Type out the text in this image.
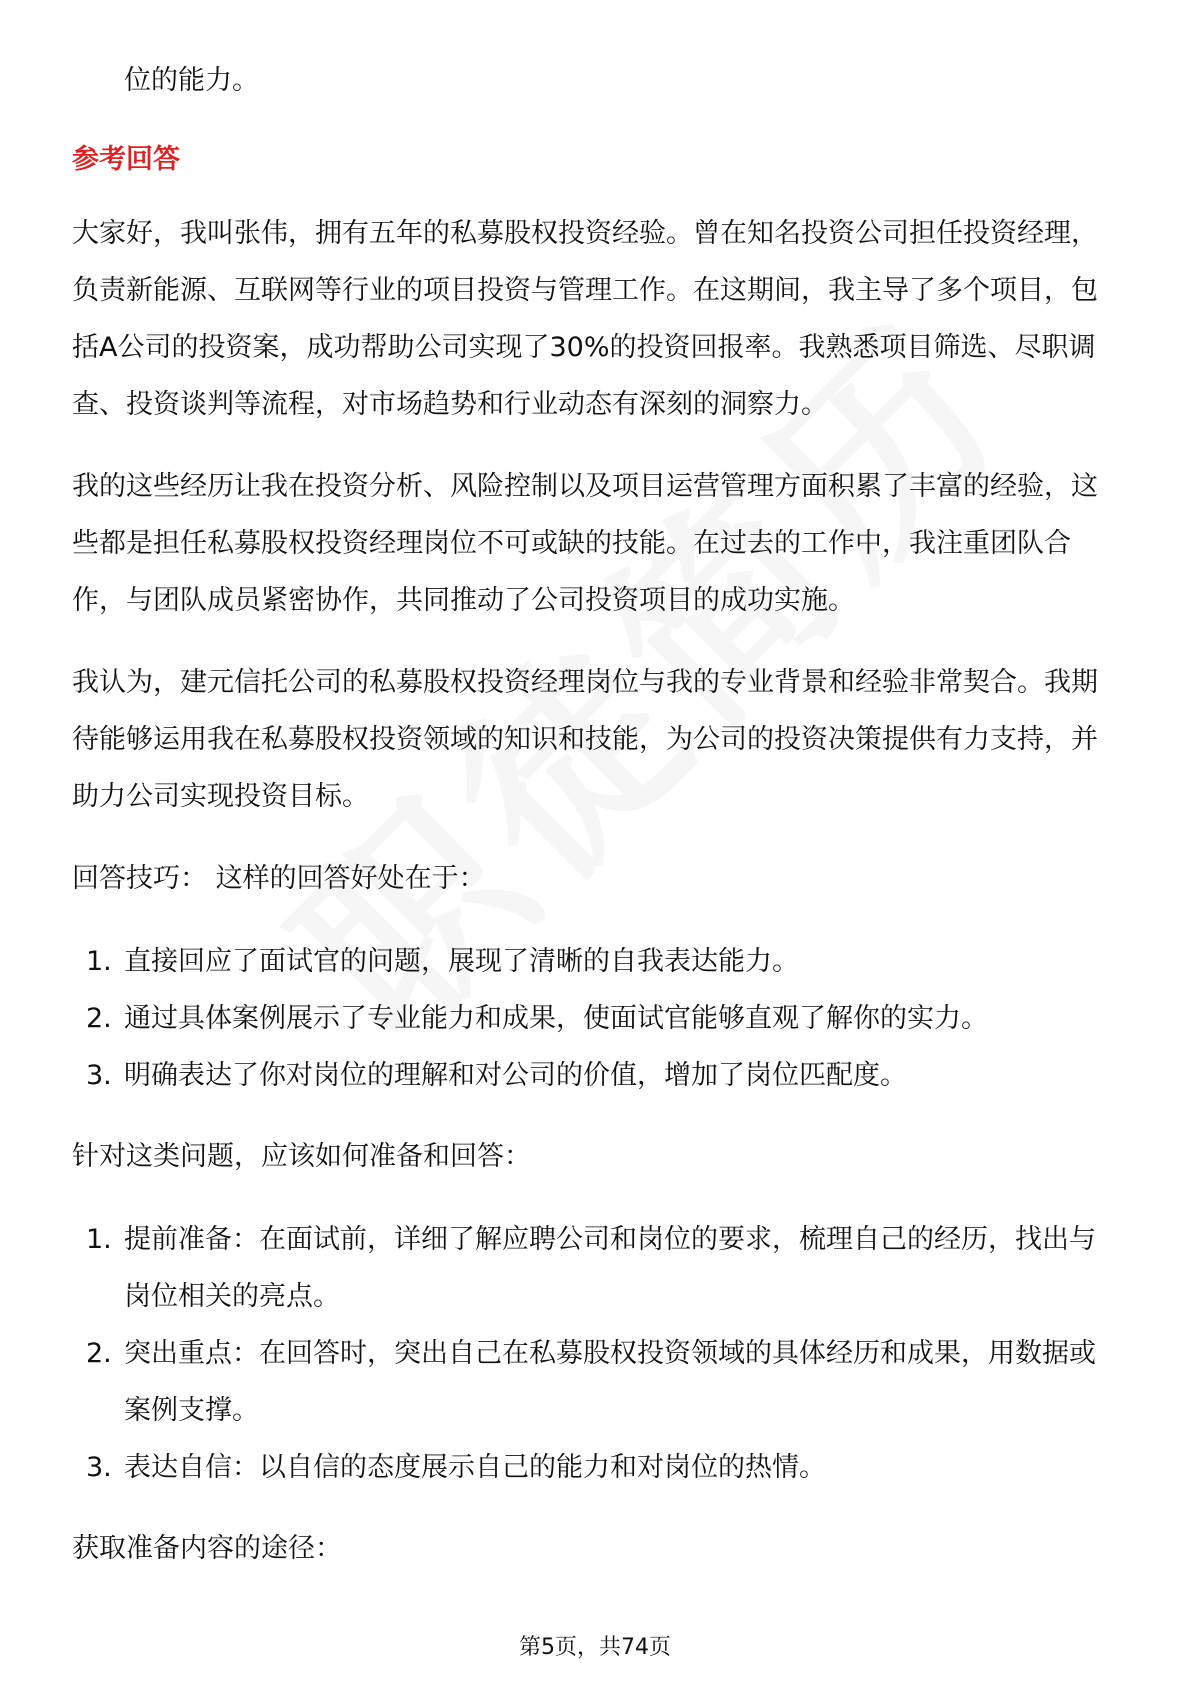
位的能力。

参考回答

大家好，我叫张伟，拥有五年的私募股权投资经验。曾在知名投资公司担任投资经理，负责新能源、互联网等行业的项目投资与管理工作。在这期间，我主导了多个项目，包括A公司的投资案，成功帮助公司实现了30%的投资回报率。我熟悉项目筛选、尽职调查、投资谈判等流程，对市场趋势和行业动态有深刻的洞察力。

我的这些经历让我在投资分析、风险控制以及项目运营管理方面积累了丰富的经验，这些都是担任私募股权投资经理岗位不可或缺的技能。在过去的工作中，我注重团队合作，与团队成员紧密协作，共同推动了公司投资项目的成功实施。

我认为，建元信托公司的私募股权投资经理岗位与我的专业背景和经验非常契合。我期待能够运用我在私募股权投资领域的知识和技能，为公司的投资决策提供有力支持，并助力公司实现投资目标。

回答技巧： 这样的回答好处在于：

1. 直接回应了面试官的问题，展现了清晰的自我表达能力。
2. 通过具体案例展示了专业能力和成果，使面试官能够直观了解你的实力。
3. 明确表达了你对岗位的理解和对公司的价值，增加了岗位匹配度。

针对这类问题，应该如何准备和回答：

1. 提前准备：在面试前，详细了解应聘公司和岗位的要求，梳理自己的经历，找出与岗位相关的亮点。
2. 突出重点：在回答时，突出自己在私募股权投资领域的具体经历和成果，用数据或案例支撑。
3. 表达自信：以自信的态度展示自己的能力和对岗位的热情。

获取准备内容的途径：

第5页，共74页
